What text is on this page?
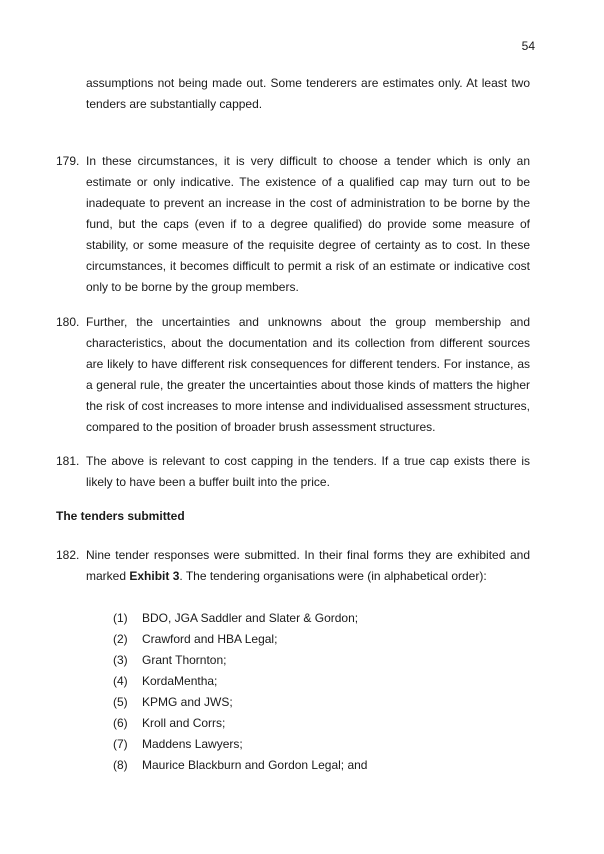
54
assumptions not being made out. Some tenderers are estimates only. At least two
tenders are substantially capped.
179. In these circumstances, it is very difficult to choose a tender which is only an
estimate or only indicative. The existence of a qualified cap may turn out to be
inadequate to prevent an increase in the cost of administration to be borne by the
fund, but the caps (even if to a degree qualified) do provide some measure of
stability, or some measure of the requisite degree of certainty as to cost. In these
circumstances, it becomes difficult to permit a risk of an estimate or indicative cost
only to be borne by the group members.
180. Further, the uncertainties and unknowns about the group membership and
characteristics, about the documentation and its collection from different sources
are likely to have different risk consequences for different tenders. For instance, as
a general rule, the greater the uncertainties about those kinds of matters the higher
the risk of cost increases to more intense and individualised assessment structures,
compared to the position of broader brush assessment structures.
181. The above is relevant to cost capping in the tenders. If a true cap exists there is
likely to have been a buffer built into the price.
The tenders submitted
182. Nine tender responses were submitted. In their final forms they are exhibited and
marked Exhibit 3. The tendering organisations were (in alphabetical order):
(1) BDO, JGA Saddler and Slater & Gordon;
(2) Crawford and HBA Legal;
(3) Grant Thornton;
(4) KordaMentha;
(5) KPMG and JWS;
(6) Kroll and Corrs;
(7) Maddens Lawyers;
(8) Maurice Blackburn and Gordon Legal; and
